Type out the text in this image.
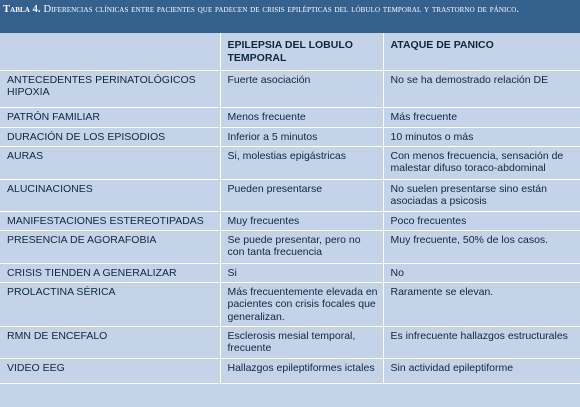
Tabla 4. Diferencias clínicas entre pacientes que padecen de crisis epilépticas del lóbulo temporal y trastorno de pánico.
	EPILEPSIA DEL LOBULO TEMPORAL	ATAQUE DE PANICO
ANTECEDENTES PERINATOLÓGICOS HIPOXIA	Fuerte asociación	No se ha demostrado relación DE
PATRÓN FAMILIAR	Menos frecuente	Más frecuente
DURACIÓN DE LOS EPISODIOS	Inferior a 5 minutos	10 minutos o más
AURAS	Si, molestias epigástricas	Con menos frecuencia, sensación de malestar difuso toraco-abdominal
ALUCINACIONES	Pueden presentarse	No suelen presentarse sino están asociadas a psicosis
MANIFESTACIONES ESTEREOTIPADAS	Muy frecuentes	Poco frecuentes
PRESENCIA DE AGORAFOBIA	Se puede presentar, pero no con tanta frecuencia	Muy frecuente, 50% de los casos.
CRISIS TIENDEN A GENERALIZAR	Si	No
PROLACTINA SÉRICA	Más frecuentemente elevada en pacientes con crisis focales que generalizan.	Raramente se elevan.
RMN DE ENCEFALO	Esclerosis mesial temporal, frecuente	Es infrecuente hallazgos estructurales
VIDEO EEG	Hallazgos epileptiformes ictales	Sin actividad epileptiforme
